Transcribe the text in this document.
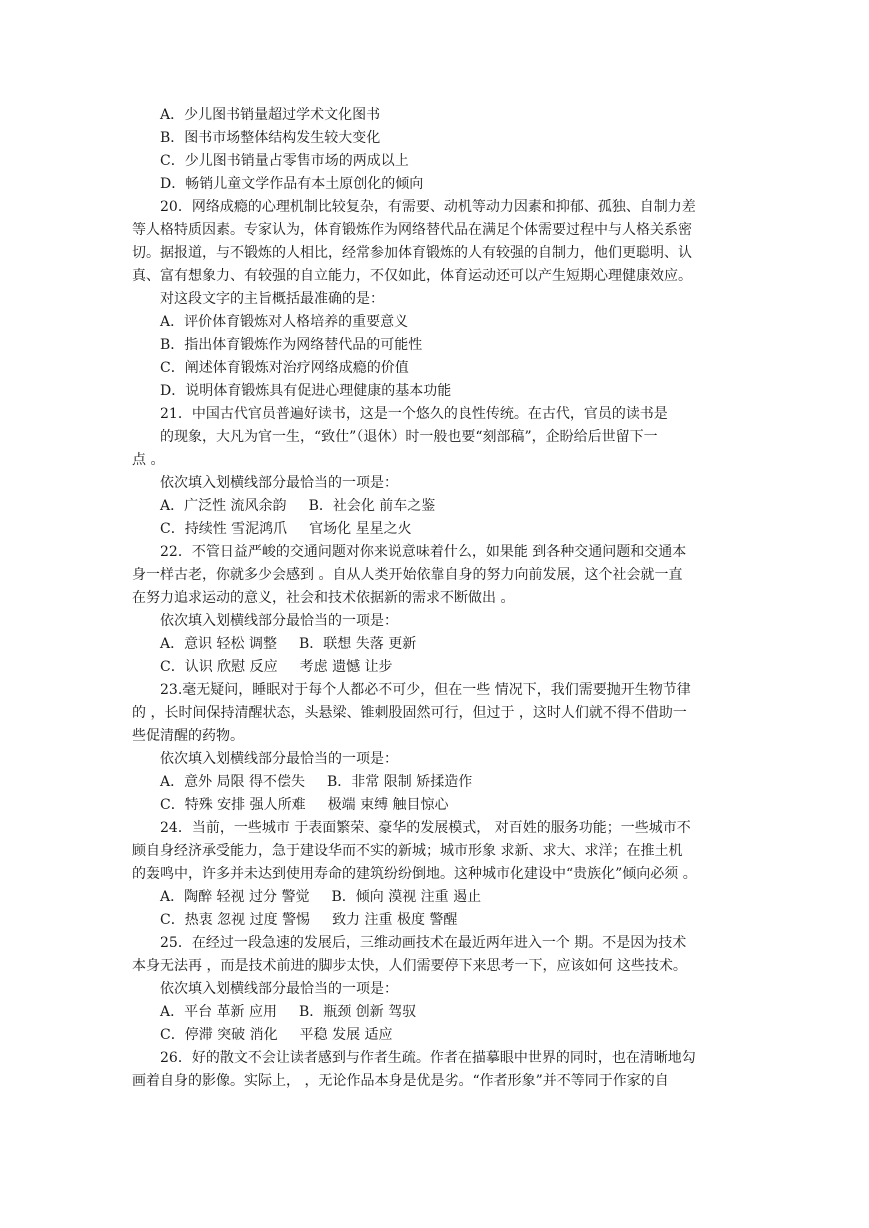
A．少儿图书销量超过学术文化图书
B．图书市场整体结构发生较大变化
C．少儿图书销量占零售市场的两成以上
D．畅销儿童文学作品有本土原创化的倾向
20．网络成瘾的心理机制比较复杂，有需要、动机等动力因素和抑郁、孤独、自制力差
等人格特质因素。专家认为，体育锻炼作为网络替代品在满足个体需要过程中与人格关系密
切。据报道，与不锻炼的人相比，经常参加体育锻炼的人有较强的自制力，他们更聪明、认
真、富有想象力、有较强的自立能力，不仅如此，体育运动还可以产生短期心理健康效应。
对这段文字的主旨概括最准确的是：
A．评价体育锻炼对人格培养的重要意义
B．指出体育锻炼作为网络替代品的可能性
C．阐述体育锻炼对治疗网络成瘾的价值
D．说明体育锻炼具有促进心理健康的基本功能
21．中国古代官员普遍好读书，这是一个悠久的良性传统。在古代，官员的读书是
的现象，大凡为官一生，“致仕”（退休）时一般也要“刻部稿”，企盼给后世留下一
点 。
依次填入划横线部分最恰当的一项是：
A．广泛性 流风余韵 B．社会化 前车之鉴
C．持续性 雪泥鸿爪 官场化 星星之火
22．不管日益严峻的交通问题对你来说意味着什么，如果能 到各种交通问题和交通本
身一样古老，你就多少会感到 。自从人类开始依靠自身的努力向前发展，这个社会就一直
在努力追求运动的意义，社会和技术依据新的需求不断做出 。
依次填入划横线部分最恰当的一项是：
A．意识 轻松 调整 B．联想 失落 更新
C．认识 欣慰 反应 考虑 遗憾 让步
23.毫无疑问，睡眠对于每个人都必不可少，但在一些 情况下，我们需要抛开生物节律
的 ，长时间保持清醒状态，头悬梁、锥刺股固然可行，但过于 ，这时人们就不得不借助一
些促清醒的药物。
依次填入划横线部分最恰当的一项是：
A．意外 局限 得不偿失 B．非常 限制 矫揉造作
C．特殊 安排 强人所难 极端 束缚 触目惊心
24．当前，一些城市 于表面繁荣、豪华的发展模式， 对百姓的服务功能；一些城市不
顾自身经济承受能力，急于建设华而不实的新城；城市形象 求新、求大、求洋；在推土机
的轰鸣中，许多并未达到使用寿命的建筑纷纷倒地。这种城市化建设中“贵族化”倾向必须 。
A．陶醉 轻视 过分 警觉 B．倾向 漠视 注重 遏止
C．热衷 忽视 过度 警惕 致力 注重 极度 警醒
25．在经过一段急速的发展后，三维动画技术在最近两年进入一个 期。不是因为技术
本身无法再 ，而是技术前进的脚步太快，人们需要停下来思考一下，应该如何 这些技术。
依次填入划横线部分最恰当的一项是：
A．平台 革新 应用 B．瓶颈 创新 驾驭
C．停滞 突破 消化 平稳 发展 适应
26．好的散文不会让读者感到与作者生疏。作者在描摹眼中世界的同时，也在清晰地勾
画着自身的影像。实际上， ，无论作品本身是优是劣。“作者形象”并不等同于作家的自
